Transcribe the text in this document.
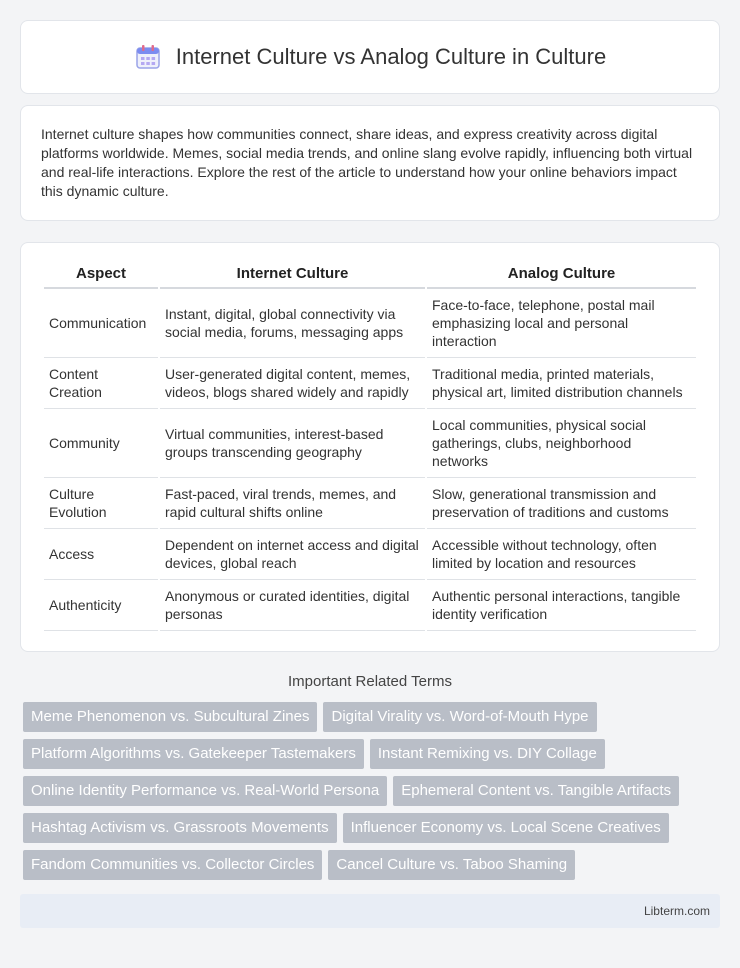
Internet Culture vs Analog Culture in Culture

Internet culture shapes how communities connect, share ideas, and express creativity across digital platforms worldwide. Memes, social media trends, and online slang evolve rapidly, influencing both virtual and real-life interactions. Explore the rest of the article to understand how your online behaviors impact this dynamic culture.

Aspect	Internet Culture	Analog Culture
Communication	Instant, digital, global connectivity via social media, forums, messaging apps	Face-to-face, telephone, postal mail emphasizing local and personal interaction
Content Creation	User-generated digital content, memes, videos, blogs shared widely and rapidly	Traditional media, printed materials, physical art, limited distribution channels
Community	Virtual communities, interest-based groups transcending geography	Local communities, physical social gatherings, clubs, neighborhood networks
Culture Evolution	Fast-paced, viral trends, memes, and rapid cultural shifts online	Slow, generational transmission and preservation of traditions and customs
Access	Dependent on internet access and digital devices, global reach	Accessible without technology, often limited by location and resources
Authenticity	Anonymous or curated identities, digital personas	Authentic personal interactions, tangible identity verification
Important Related Terms
Meme Phenomenon vs. Subcultural Zines	Digital Virality vs. Word-of-Mouth Hype
Platform Algorithms vs. Gatekeeper Tastemakers	Instant Remixing vs. DIY Collage
Online Identity Performance vs. Real-World Persona	Ephemeral Content vs. Tangible Artifacts
Hashtag Activism vs. Grassroots Movements	Influencer Economy vs. Local Scene Creatives
Fandom Communities vs. Collector Circles	Cancel Culture vs. Taboo Shaming
Libterm.com
